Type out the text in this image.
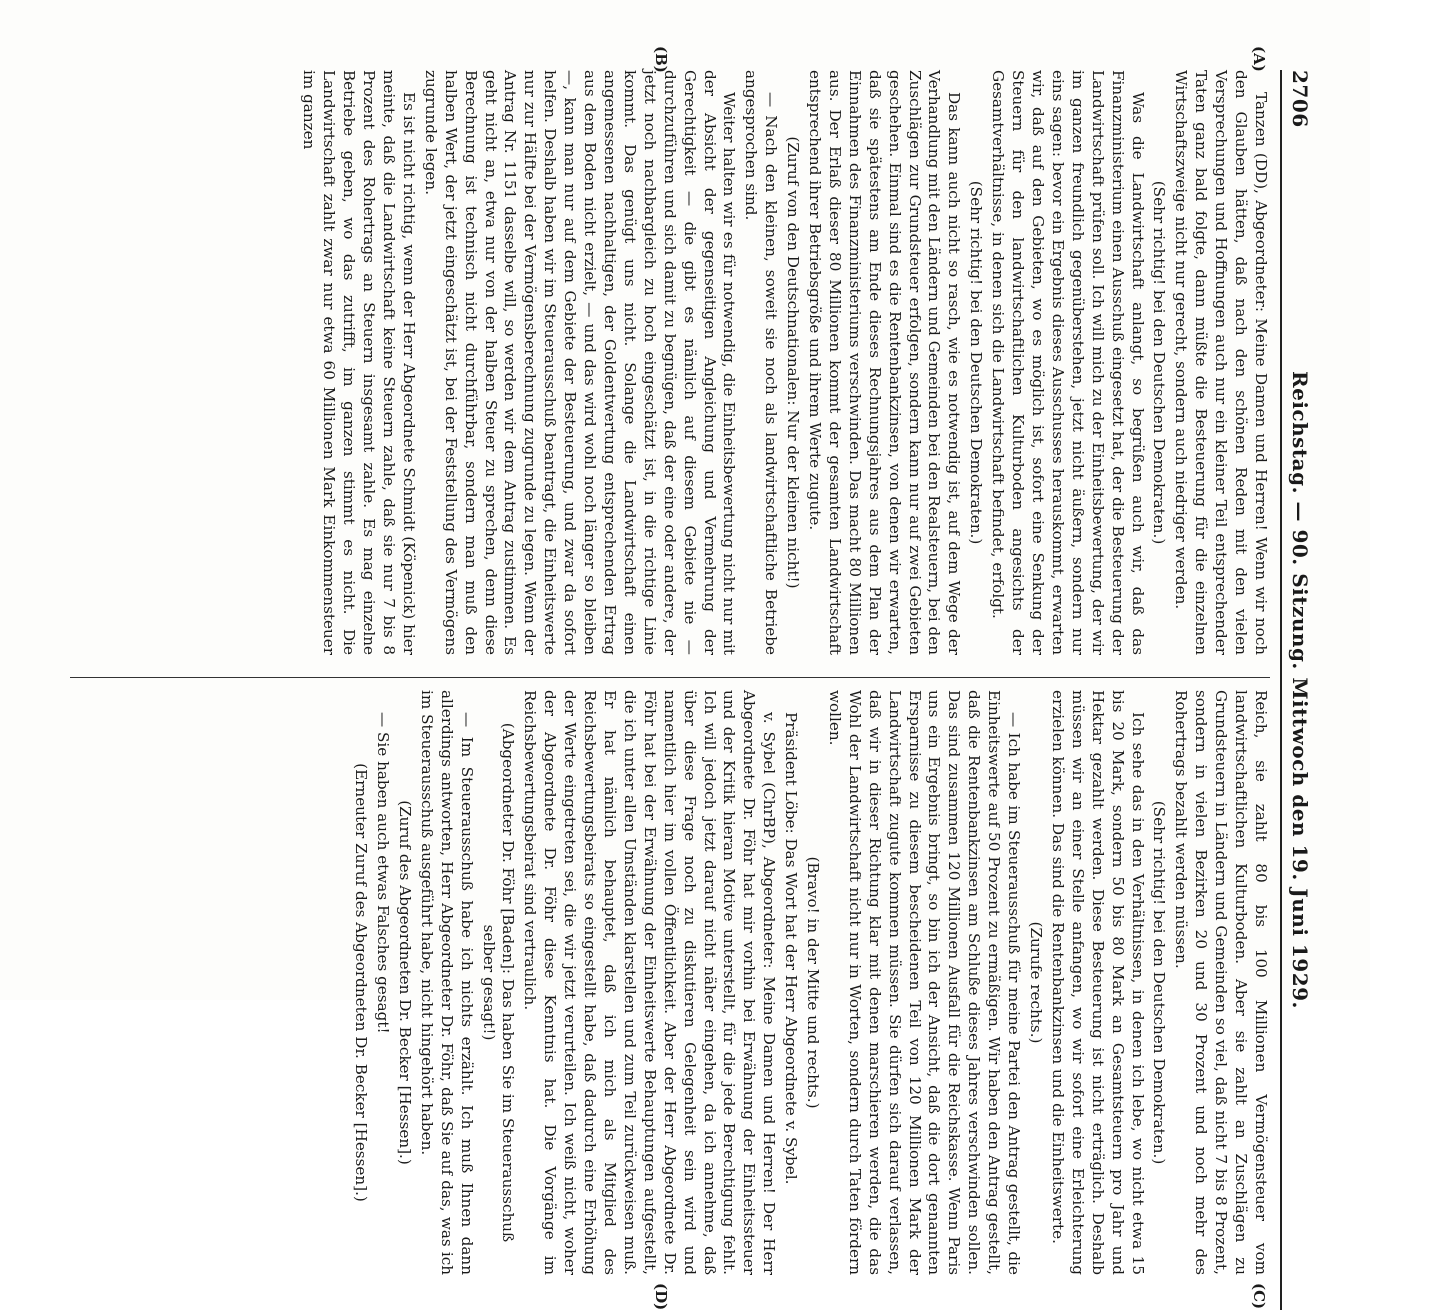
2706
Reichstag. — 90. Sitzung. Mittwoch den 19. Juni 1929.
(A)
(B)
(C)
(D)

Tanzen (DD), Abgeordneter: Meine Damen und Herren! Wenn wir noch den Glauben hätten, daß nach den schönen Reden mit den vielen Versprechungen und Hoffnungen auch nur ein kleiner Teil entsprechender Taten ganz bald folgte, dann müßte die Besteuerung für die einzelnen Wirtschaftszweige nicht nur gerecht, sondern auch niedriger werden.

(Sehr richtig! bei den Deutschen Demokraten.)

Was die Landwirtschaft anlangt, so begrüßen auch wir, daß das Finanzministerium einen Ausschuß eingesetzt hat, der die Besteuerung der Landwirtschaft prüfen soll. Ich will mich zu der Einheitsbewertung, der wir im ganzen freundlich gegenüberstehen, jetzt nicht äußern, sondern nur eins sagen: bevor ein Ergebnis dieses Ausschusses herauskommt, erwarten wir, daß auf den Gebieten, wo es möglich ist, sofort eine Senkung der Steuern für den landwirtschaftlichen Kulturboden angesichts der Gesamtverhältnisse, in denen sich die Landwirtschaft befindet, erfolgt.

(Sehr richtig! bei den Deutschen Demokraten.)

Das kann auch nicht so rasch, wie es notwendig ist, auf dem Wege der Verhandlung mit den Ländern und Gemeinden bei den Realsteuern, bei den Zuschlägen zur Grundsteuer erfolgen, sondern kann nur auf zwei Gebieten geschehen. Einmal sind es die Rentenbankzinsen, von denen wir erwarten, daß sie spätestens am Ende dieses Rechnungsjahres aus dem Plan der Einnahmen des Finanzministeriums verschwinden. Das macht 80 Millionen aus. Der Erlaß dieser 80 Millionen kommt der gesamten Landwirtschaft entsprechend ihrer Betriebsgröße und ihrem Werte zugute.

(Zuruf von den Deutschnationalen: Nur der kleinen nicht!)

— Nach den kleinen, soweit sie noch als landwirtschaftliche Betriebe angesprochen sind.

Weiter halten wir es für notwendig, die Einheitsbewertung nicht nur mit der Absicht der gegenseitigen Angleichung und Vermehrung der Gerechtigkeit — die gibt es nämlich auf diesem Gebiete nie — durchzuführen und sich damit zu begnügen, daß der eine oder andere, der jetzt noch nachbargleich zu hoch eingeschätzt ist, in die richtige Linie kommt. Das genügt uns nicht. Solange die Landwirtschaft einen angemessenen nachhaltigen, der Goldentwertung entsprechenden Ertrag aus dem Boden nicht erzielt, — und das wird wohl noch länger so bleiben —, kann man nur auf dem Gebiete der Besteuerung, und zwar da sofort helfen. Deshalb haben wir im Steuerausschuß beantragt, die Einheitswerte nur zur Hälfte bei der Vermögensberechnung zugrunde zu legen. Wenn der Antrag Nr. 1151 dasselbe will, so werden wir dem Antrag zustimmen. Es geht nicht an, etwa nur von der halben Steuer zu sprechen, denn diese Berechnung ist technisch nicht durchführbar, sondern man muß den halben Wert, der jetzt eingeschätzt ist, bei der Feststellung des Vermögens zugrunde legen.

Es ist nicht richtig, wenn der Herr Abgeordnete Schmidt (Köpenick) hier meinte, daß die Landwirtschaft keine Steuern zahle, daß sie nur 7 bis 8 Prozent des Rohertrags an Steuern insgesamt zahle. Es mag einzelne Betriebe geben, wo das zutrifft, im ganzen stimmt es nicht. Die Landwirtschaft zahlt zwar nur etwa 60 Millionen Mark Einkommensteuer im ganzen

Reich, sie zahlt 80 bis 100 Millionen Vermögensteuer vom landwirtschaftlichen Kulturboden. Aber sie zahlt an Zuschlägen zu Grundsteuern in Ländern und Gemeinden so viel, daß nicht 7 bis 8 Prozent, sondern in vielen Bezirken 20 und 30 Prozent und noch mehr des Rohertrags bezahlt werden müssen.

(Sehr richtig! bei den Deutschen Demokraten.)

Ich sehe das in den Verhältnissen, in denen ich lebe, wo nicht etwa 15 bis 20 Mark, sondern 50 bis 80 Mark an Gesamtsteuern pro Jahr und Hektar gezahlt werden. Diese Besteuerung ist nicht erträglich. Deshalb müssen wir an einer Stelle anfangen, wo wir sofort eine Erleichterung erzielen können. Das sind die Rentenbankzinsen und die Einheitswerte.

(Zurufe rechts.)

— Ich habe im Steuerausschuß für meine Partei den Antrag gestellt, die Einheitswerte auf 50 Prozent zu ermäßigen. Wir haben den Antrag gestellt, daß die Rentenbankzinsen am Schluße dieses Jahres verschwinden sollen. Das sind zusammen 120 Millionen Ausfall für die Reichskasse. Wenn Paris uns ein Ergebnis bringt, so bin ich der Ansicht, daß die dort genannten Ersparnisse zu diesem bescheidenen Teil von 120 Millionen Mark der Landwirtschaft zugute kommen müssen. Sie dürfen sich darauf verlassen, daß wir in dieser Richtung klar mit denen marschieren werden, die das Wohl der Landwirtschaft nicht nur in Worten, sondern durch Taten fördern wollen.

(Bravo! in der Mitte und rechts.)

Präsident Löbe: Das Wort hat der Herr Abgeordnete v. Sybel.

v. Sybel (ChrBP), Abgeordneter: Meine Damen und Herren! Der Herr Abgeordnete Dr. Föhr hat mir vorhin bei Erwähnung der Einheitssteuer und der Kritik hieran Motive unterstellt, für die jede Berechtigung fehlt. Ich will jedoch jetzt darauf nicht näher eingehen, da ich annehme, daß über diese Frage noch zu diskutieren Gelegenheit sein wird und namentlich hier im vollen Öffentlichkeit. Aber der Herr Abgeordnete Dr. Föhr hat bei der Erwähnung der Einheitswerte Behauptungen aufgestellt, die ich unter allen Umständen klarstellen und zum Teil zurückweisen muß. Er hat nämlich behauptet, daß ich mich als Mitglied des Reichsbewertungsbeirats so eingestellt habe, daß dadurch eine Erhöhung der Werte eingetreten sei, die wir jetzt verurteilen. Ich weiß nicht, woher der Abgeordnete Dr. Föhr diese Kenntnis hat. Die Vorgänge im Reichsbewertungsbeirat sind vertraulich.

(Abgeordneter Dr. Föhr [Baden]: Das haben Sie im Steuerausschuß selber gesagt!)

— Im Steuerausschuß habe ich nichts erzählt. Ich muß Ihnen dann allerdings antworten, Herr Abgeordneter Dr. Föhr, daß Sie auf das, was ich im Steuerausschuß ausgeführt habe, nicht hingehört haben.

(Zuruf des Abgeordneten Dr. Becker [Hessen].)

— Sie haben auch etwas Falsches gesagt!

(Erneuter Zuruf des Abgeordneten Dr. Becker [Hessen].)
